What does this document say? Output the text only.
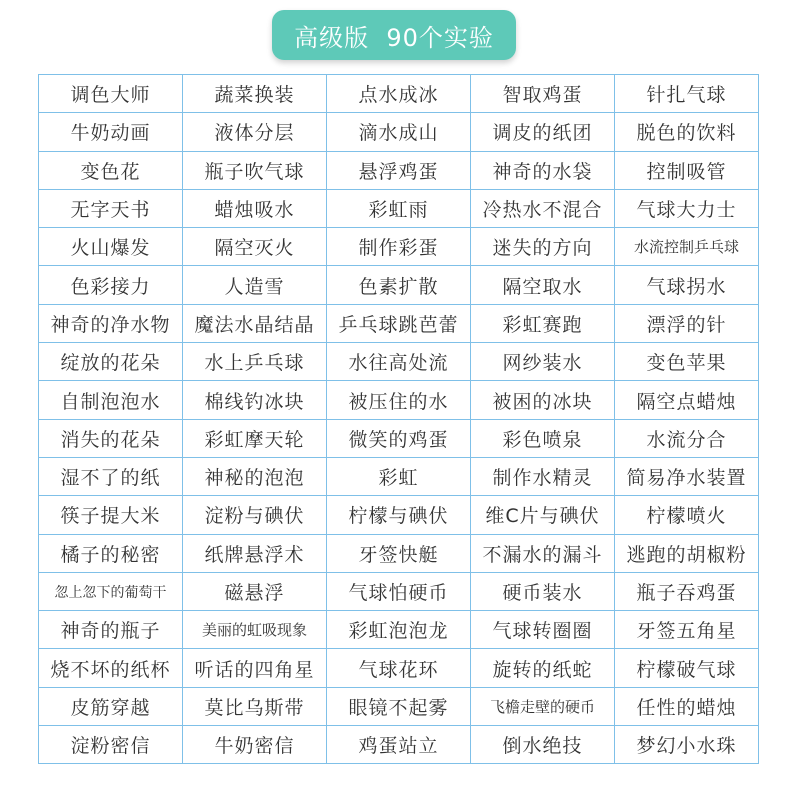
高级版
90个实验
调色大师	蔬菜换装	点水成冰	智取鸡蛋	针扎气球
牛奶动画	液体分层	滴水成山	调皮的纸团	脱色的饮料
变色花	瓶子吹气球	悬浮鸡蛋	神奇的水袋	控制吸管
无字天书	蜡烛吸水	彩虹雨	冷热水不混合	气球大力士
火山爆发	隔空灭火	制作彩蛋	迷失的方向	水流控制乒乓球
色彩接力	人造雪	色素扩散	隔空取水	气球拐水
神奇的净水物	魔法水晶结晶	乒乓球跳芭蕾	彩虹赛跑	漂浮的针
绽放的花朵	水上乒乓球	水往高处流	网纱装水	变色苹果
自制泡泡水	棉线钓冰块	被压住的水	被困的冰块	隔空点蜡烛
消失的花朵	彩虹摩天轮	微笑的鸡蛋	彩色喷泉	水流分合
湿不了的纸	神秘的泡泡	彩虹	制作水精灵	简易净水装置
筷子提大米	淀粉与碘伏	柠檬与碘伏	维C片与碘伏	柠檬喷火
橘子的秘密	纸牌悬浮术	牙签快艇	不漏水的漏斗	逃跑的胡椒粉
忽上忽下的葡萄干	磁悬浮	气球怕硬币	硬币装水	瓶子吞鸡蛋
神奇的瓶子	美丽的虹吸现象	彩虹泡泡龙	气球转圈圈	牙签五角星
烧不坏的纸杯	听话的四角星	气球花环	旋转的纸蛇	柠檬破气球
皮筋穿越	莫比乌斯带	眼镜不起雾	飞檐走壁的硬币	任性的蜡烛
淀粉密信	牛奶密信	鸡蛋站立	倒水绝技	梦幻小水珠
